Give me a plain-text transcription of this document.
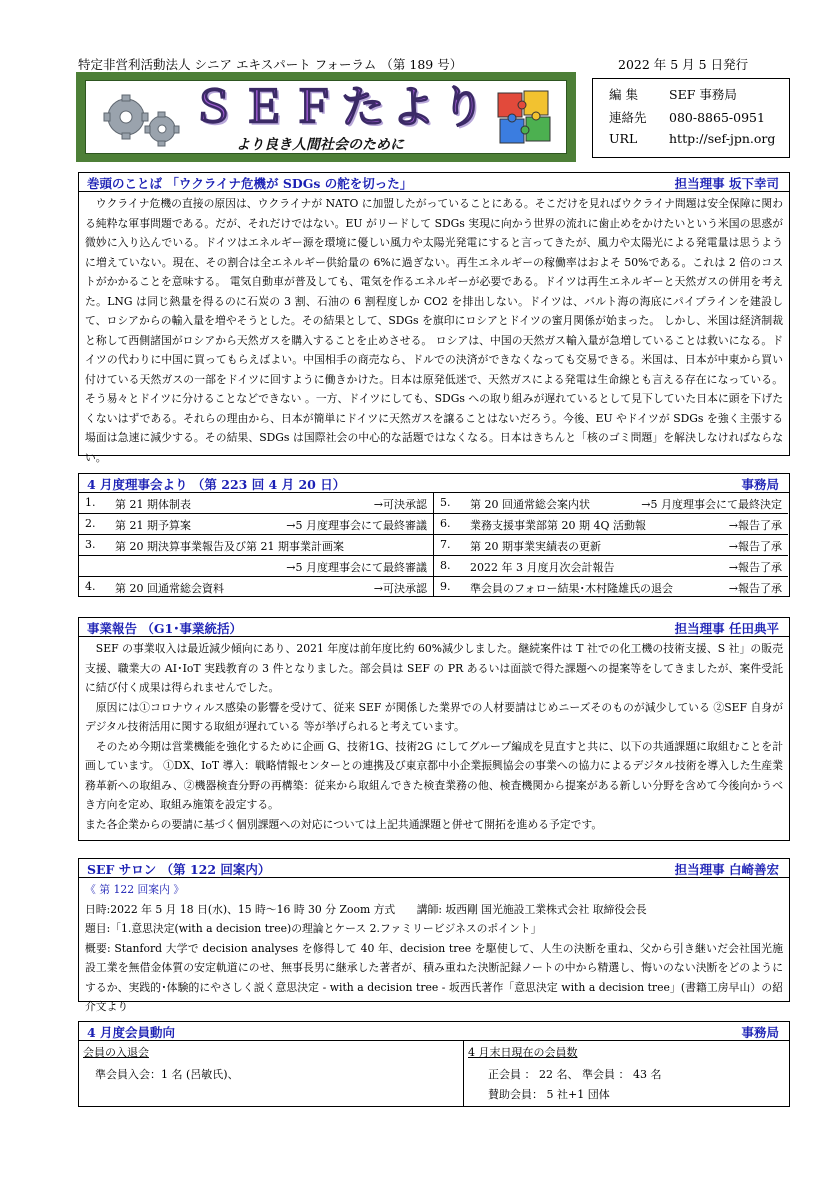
特定非営利活動法人 シニア エキスパート フォーラム （第 189 号）	2022 年 5 月 5 日発行
ＳＥＦたより
より良き人間社会のために
編 集 SEF 事務局
連絡先 080-8865-0951
URL	http://sef-jpn.org
巻頭のことば 「ウクライナ危機が SDGs の舵を切った」	担当理事 坂下幸司

ウクライナ危機の直接の原因は、ウクライナが NATO に加盟したがっていることにある。そこだけを見ればウクライナ問題は安全保障に関わる純粋な軍事問題である。だが、それだけではない。EU がリードして SDGs 実現に向かう世界の流れに歯止めをかけたいという米国の思惑が微妙に入り込んでいる。ドイツはエネルギー源を環境に優しい風力や太陽光発電にすると言ってきたが、風力や太陽光による発電量は思うように増えていない。現在、その割合は全エネルギー供給量の 6%に過ぎない。再生エネルギーの稼働率はおよそ 50%である。これは 2 倍のコストがかかることを意味する。 電気自動車が普及しても、電気を作るエネルギーが必要である。ドイツは再生エネルギーと天然ガスの併用を考えた。LNG は同じ熱量を得るのに石炭の 3 割、石油の 6 割程度しか CO2 を排出しない。ドイツは、バルト海の海底にパイプラインを建設して、ロシアからの輸入量を増やそうとした。その結果として、SDGs を旗印にロシアとドイツの蜜月関係が始まった。 しかし、米国は経済制裁と称して西側諸国がロシアから天然ガスを購入することを止めさせる。 ロシアは、中国の天然ガス輸入量が急増していることは救いになる。ドイツの代わりに中国に買ってもらえばよい。中国相手の商売なら、ドルでの決済ができなくなっても交易できる。米国は、日本が中東から買い付けている天然ガスの一部をドイツに回すように働きかけた。日本は原発低迷で、天然ガスによる発電は生命線とも言える存在になっている。そう易々とドイツに分けることなどできない 。一方、ドイツにしても、SDGs への取り組みが遅れているとして見下していた日本に頭を下げたくないはずである。それらの理由から、日本が簡単にドイツに天然ガスを譲ることはないだろう。今後、EU やドイツが SDGs を強く主張する場面は急速に減少する。その結果、SDGs は国際社会の中心的な話題ではなくなる。日本はきちんと「核のゴミ問題」を解決しなければならない。

4 月度理事会より （第 223 回 4 月 20 日）	事務局
1. 第 21 期体制表	→可決承認
2. 第 21 期予算案	→5 月度理事会にて最終審議
3. 第 20 期決算事業報告及び第 21 期事業計画案
→5 月度理事会にて最終審議
4. 第 20 回通常総会資料	→可決承認
5. 第 20 回通常総会案内状	→5 月度理事会にて最終決定
6. 業務支援事業部第 20 期 4Q 活動報	→報告了承
7. 第 20 期事業実績表の更新	→報告了承
8. 2022 年 3 月度月次会計報告	→報告了承
9. 準会員のフォロー結果･木村隆雄氏の退会	→報告了承
事業報告 （G1･事業統括）	担当理事 任田典平

SEF の事業収入は最近減少傾向にあり、2021 年度は前年度比約 60%減少しました。継続案件は T 社での化工機の技術支援、S 社」の販売支援、職業大の AI･IoT 実践教育の 3 件となりました。部会員は SEF の PR あるいは面談で得た課題への提案等をしてきましたが、案件受託に結び付く成果は得られませんでした。

原因には①コロナウィルス感染の影響を受けて、従来 SEF が関係した業界での人材要請はじめニーズそのものが減少している ②SEF 自身がデジタル技術活用に関する取組が遅れている 等が挙げられると考えています。

そのため今期は営業機能を強化するために企画 G、技術1G、技術2G にしてグループ編成を見直すと共に、以下の共通課題に取組むことを計画しています。 ①DX、IoT 導入：戦略情報センターとの連携及び東京都中小企業振興協会の事業への協力によるデジタル技術を導入した生産業務革新への取組み、②機器検査分野の再構築：従来から取組んできた検査業務の他、検査機関から提案がある新しい分野を含めて今後向かうべき方向を定め、取組み施策を設定する。

また各企業からの要請に基づく個別課題への対応については上記共通課題と併せて開拓を進める予定です。

SEF サロン （第 122 回案内）	担当理事 白崎善宏

《 第 122 回案内 》

日時:2022 年 5 月 18 日(水)、15 時～16 時 30 分 Zoom 方式　　講師: 坂西剛 国光施設工業株式会社 取締役会長

題目:「1.意思決定(with a decision tree)の理論とケース 2.ファミリービジネスのポイント」

概要: Stanford 大学で decision analyses を修得して 40 年、decision tree を駆使して、人生の決断を重ね、父から引き継いだ会社国光施設工業を無借金体質の安定軌道にのせ、無事長男に継承した著者が、積み重ねた決断記録ノートの中から精選し、悔いのない決断をどのようにするか、実践的･体験的にやさしく説く意思決定 - with a decision tree - 坂西氏著作「意思決定 with a decision tree」(書籍工房早山）の紹介文より

4 月度会員動向	事務局
会員の入退会
準会員入会：1 名 (呂敏氏)、
4 月末日現在の会員数
正会員 ： 22 名、 準会員 ： 43 名
賛助会員： 5 社+1 団体
